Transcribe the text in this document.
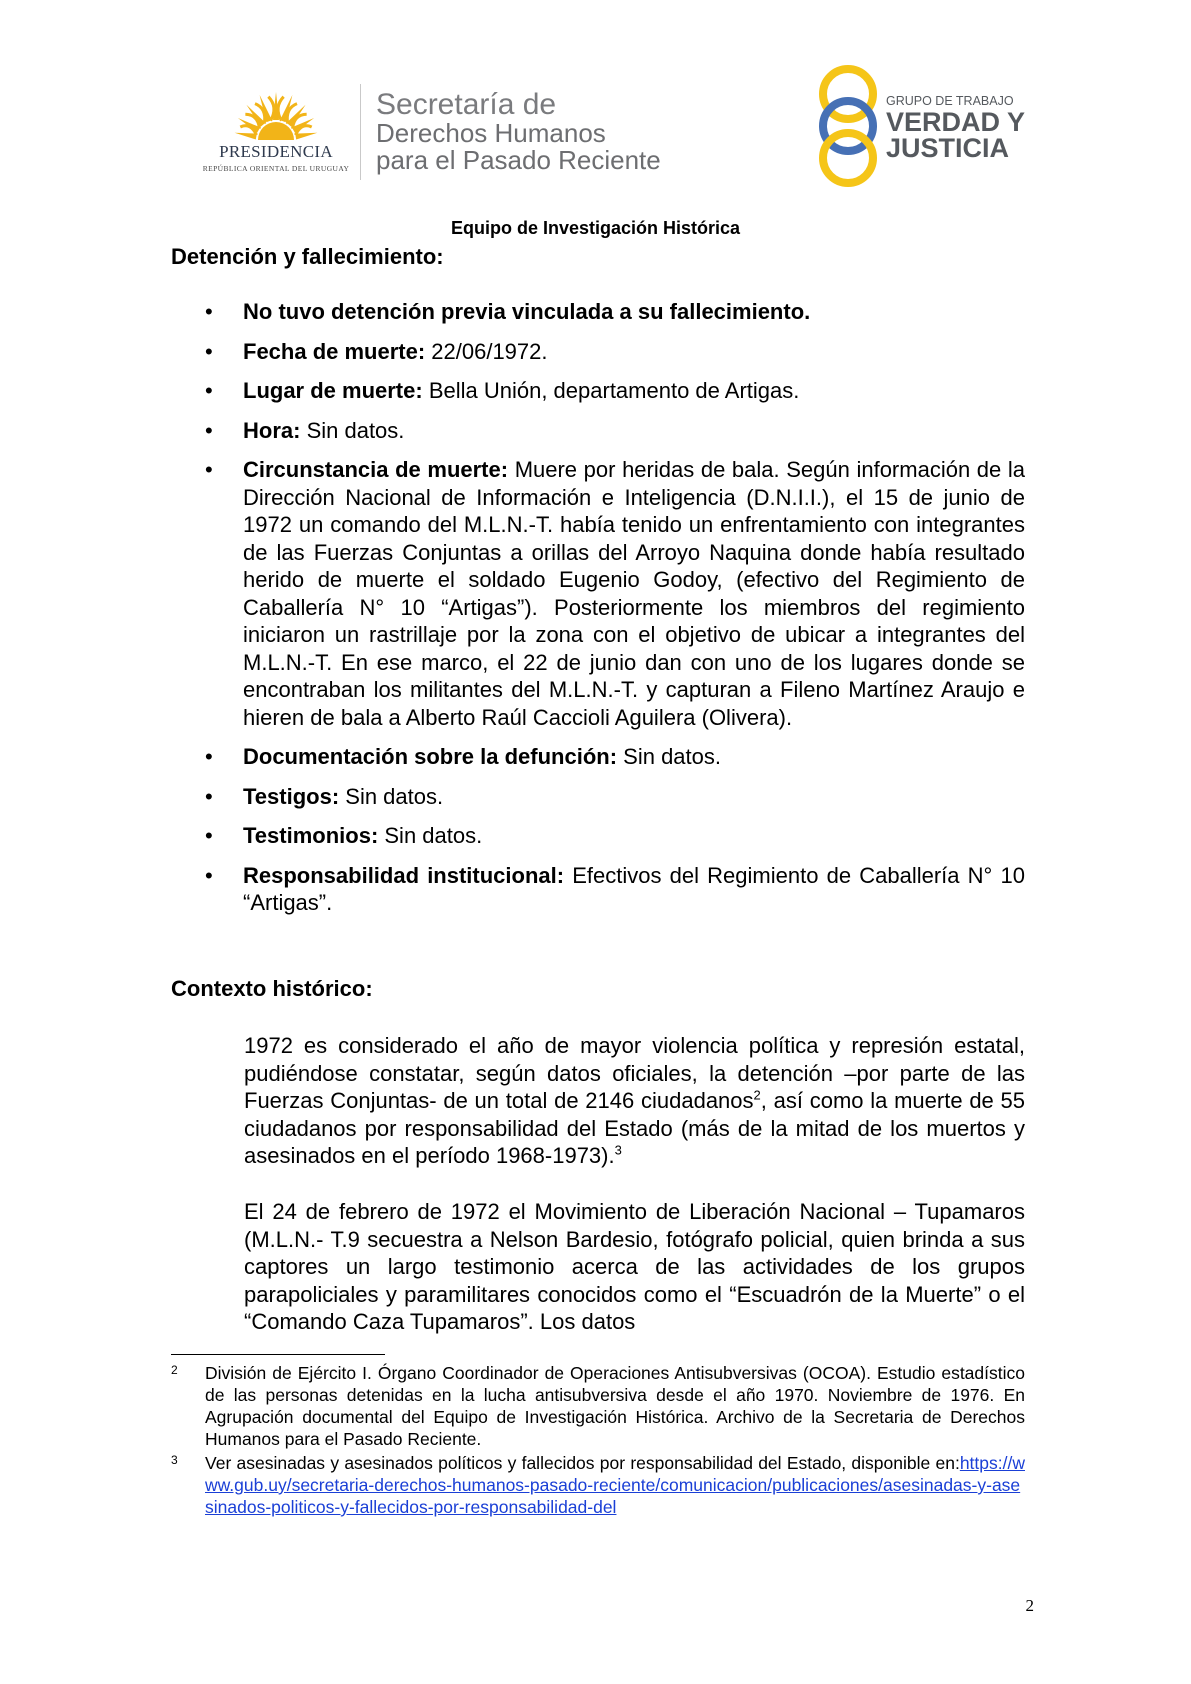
PRESIDENCIA
REPÚBLICA ORIENTAL DEL URUGUAY
Secretaría de
Derechos Humanos
para el Pasado Reciente
GRUPO DE TRABAJO
VERDAD Y
JUSTICIA
Equipo de Investigación Histórica
Detención y fallecimiento:
• No tuvo detención previa vinculada a su fallecimiento.
• Fecha de muerte: 22/06/1972.
• Lugar de muerte: Bella Unión, departamento de Artigas.
• Hora: Sin datos.
• Circunstancia de muerte: Muere por heridas de bala. Según información de la Dirección Nacional de Información e Inteligencia (D.N.I.I.), el 15 de junio de 1972 un comando del M.L.N.-T. había tenido un enfrentamiento con integrantes de las Fuerzas Conjuntas a orillas del Arroyo Naquina donde había resultado herido de muerte el soldado Eugenio Godoy, (efectivo del Regimiento de Caballería N° 10 “Artigas”). Posteriormente los miembros del regimiento iniciaron un rastrillaje por la zona con el objetivo de ubicar a integrantes del M.L.N.-T. En ese marco, el 22 de junio dan con uno de los lugares donde se encontraban los militantes del M.L.N.-T. y capturan a Fileno Martínez Araujo e hieren de bala a Alberto Raúl Caccioli Aguilera (Olivera).
• Documentación sobre la defunción: Sin datos.
• Testigos: Sin datos.
• Testimonios: Sin datos.
• Responsabilidad institucional: Efectivos del Regimiento de Caballería N° 10 “Artigas”.
Contexto histórico:
1972 es considerado el año de mayor violencia política y represión estatal, pudiéndose constatar, según datos oficiales, la detención –por parte de las Fuerzas Conjuntas- de un total de 2146 ciudadanos$^2$, así como la muerte de 55 ciudadanos por responsabilidad del Estado (más de la mitad de los muertos y asesinados en el período 1968-1973).$^3$
El 24 de febrero de 1972 el Movimiento de Liberación Nacional – Tupamaros (M.L.N.- T.9 secuestra a Nelson Bardesio, fotógrafo policial, quien brinda a sus captores un largo testimonio acerca de las actividades de los grupos parapoliciales y paramilitares conocidos como el “Escuadrón de la Muerte” o el “Comando Caza Tupamaros”. Los datos
2 División de Ejército I. Órgano Coordinador de Operaciones Antisubversivas (OCOA). Estudio estadístico de las personas detenidas en la lucha antisubversiva desde el año 1970. Noviembre de 1976. En Agrupación documental del Equipo de Investigación Histórica. Archivo de la Secretaria de Derechos Humanos para el Pasado Reciente.
3 Ver asesinadas y asesinados políticos y fallecidos por responsabilidad del Estado, disponible en:https://www.gub.uy/secretaria-derechos-humanos-pasado-reciente/comunicacion/publicaciones/asesinadas-y-asesinados-politicos-y-fallecidos-por-responsabilidad-del
2
